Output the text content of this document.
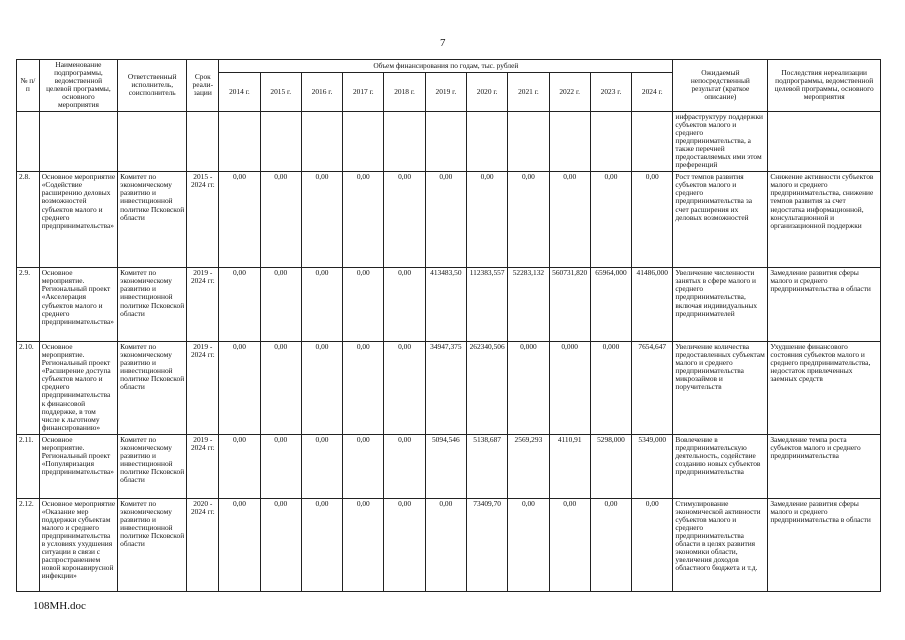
7
№ п/п	Наименование подпрограммы, ведомственной целевой программы, основного мероприятия	Ответственный исполнитель, соисполнитель	Срок реали-зации	Объем финансирования по годам, тыс. рублей											Ожидаемый непосредственный результат (краткое описание)	Последствия нереализации подпрограммы, ведомственной целевой программы, основного мероприятия
				2014 г.	2015 г.	2016 г.	2017 г.	2018 г.	2019 г.	2020 г.	2021 г.	2022 г.	2023 г.	2024 г.		
															инфраструктуру поддержки субъектов малого и среднего предпринимательства, а также перечней предоставляемых ими этом преференций	
2.8.	Основное мероприятие «Содействие расширению деловых возможностей субъектов малого и среднего предпринимательства»	Комитет по экономическому развитию и инвестиционной политике Псковской области	2015 - 2024 гг.	0,00	0,00	0,00	0,00	0,00	0,00	0,00	0,00	0,00	0,00	0,00	Рост темпов развития субъектов малого и среднего предпринимательства за счет расширения их деловых возможностей	Снижение активности субъектов малого и среднего предпринимательства, снижение темпов развития за счет недостатка информационной, консультационной и организационной поддержки
2.9.	Основное мероприятие. Региональный проект «Акселерация субъектов малого и среднего предпринимательства»	Комитет по экономическому развитию и инвестиционной политике Псковской области	2019 - 2024 гг.	0,00	0,00	0,00	0,00	0,00	413483,50	112383,557	52283,132	560731,820	65964,000	41486,000	Увеличение численности занятых в сфере малого и среднего предпринимательства, включая индивидуальных предпринимателей	Замедление развития сферы малого и среднего предпринимательства в области
2.10.	Основное мероприятие. Региональный проект «Расширение доступа субъектов малого и среднего предпринимательства к финансовой поддержке, в том числе к льготному финансированию»	Комитет по экономическому развитию и инвестиционной политике Псковской области	2019 - 2024 гг.	0,00	0,00	0,00	0,00	0,00	34947,375	262340,506	0,000	0,000	0,000	7654,647	Увеличение количества предоставленных субъектам малого и среднего предпринимательства микрозаймов и поручительств	Ухудшение финансового состояния субъектов малого и среднего предпринимательства, недостаток привлеченных заемных средств
2.11.	Основное мероприятие. Региональный проект «Популяризация предпринимательства»	Комитет по экономическому развитию и инвестиционной политике Псковской области	2019 - 2024 гг.	0,00	0,00	0,00	0,00	0,00	5094,546	5138,687	2569,293	4110,91	5298,000	5349,000	Вовлечение в предпринимательскую деятельность, содействие созданию новых субъектов предпринимательства	Замедление темпа роста субъектов малого и среднего предпринимательства
2.12.	Основное мероприятие «Оказание мер поддержки субъектам малого и среднего предпринимательства в условиях ухудшения ситуации в связи с распространением новой коронавирусной инфекции»	Комитет по экономическому развитию и инвестиционной политике Псковской области	2020 - 2024 гг.	0,00	0,00	0,00	0,00	0,00	0,00	73409,70	0,00	0,00	0,00	0,00	Стимулирование экономической активности субъектов малого и среднего предпринимательства области в целях развития экономики области, увеличения доходов областного бюджета и т.д.	Замедление развития сферы малого и среднего предпринимательства в области
108МН.doc
